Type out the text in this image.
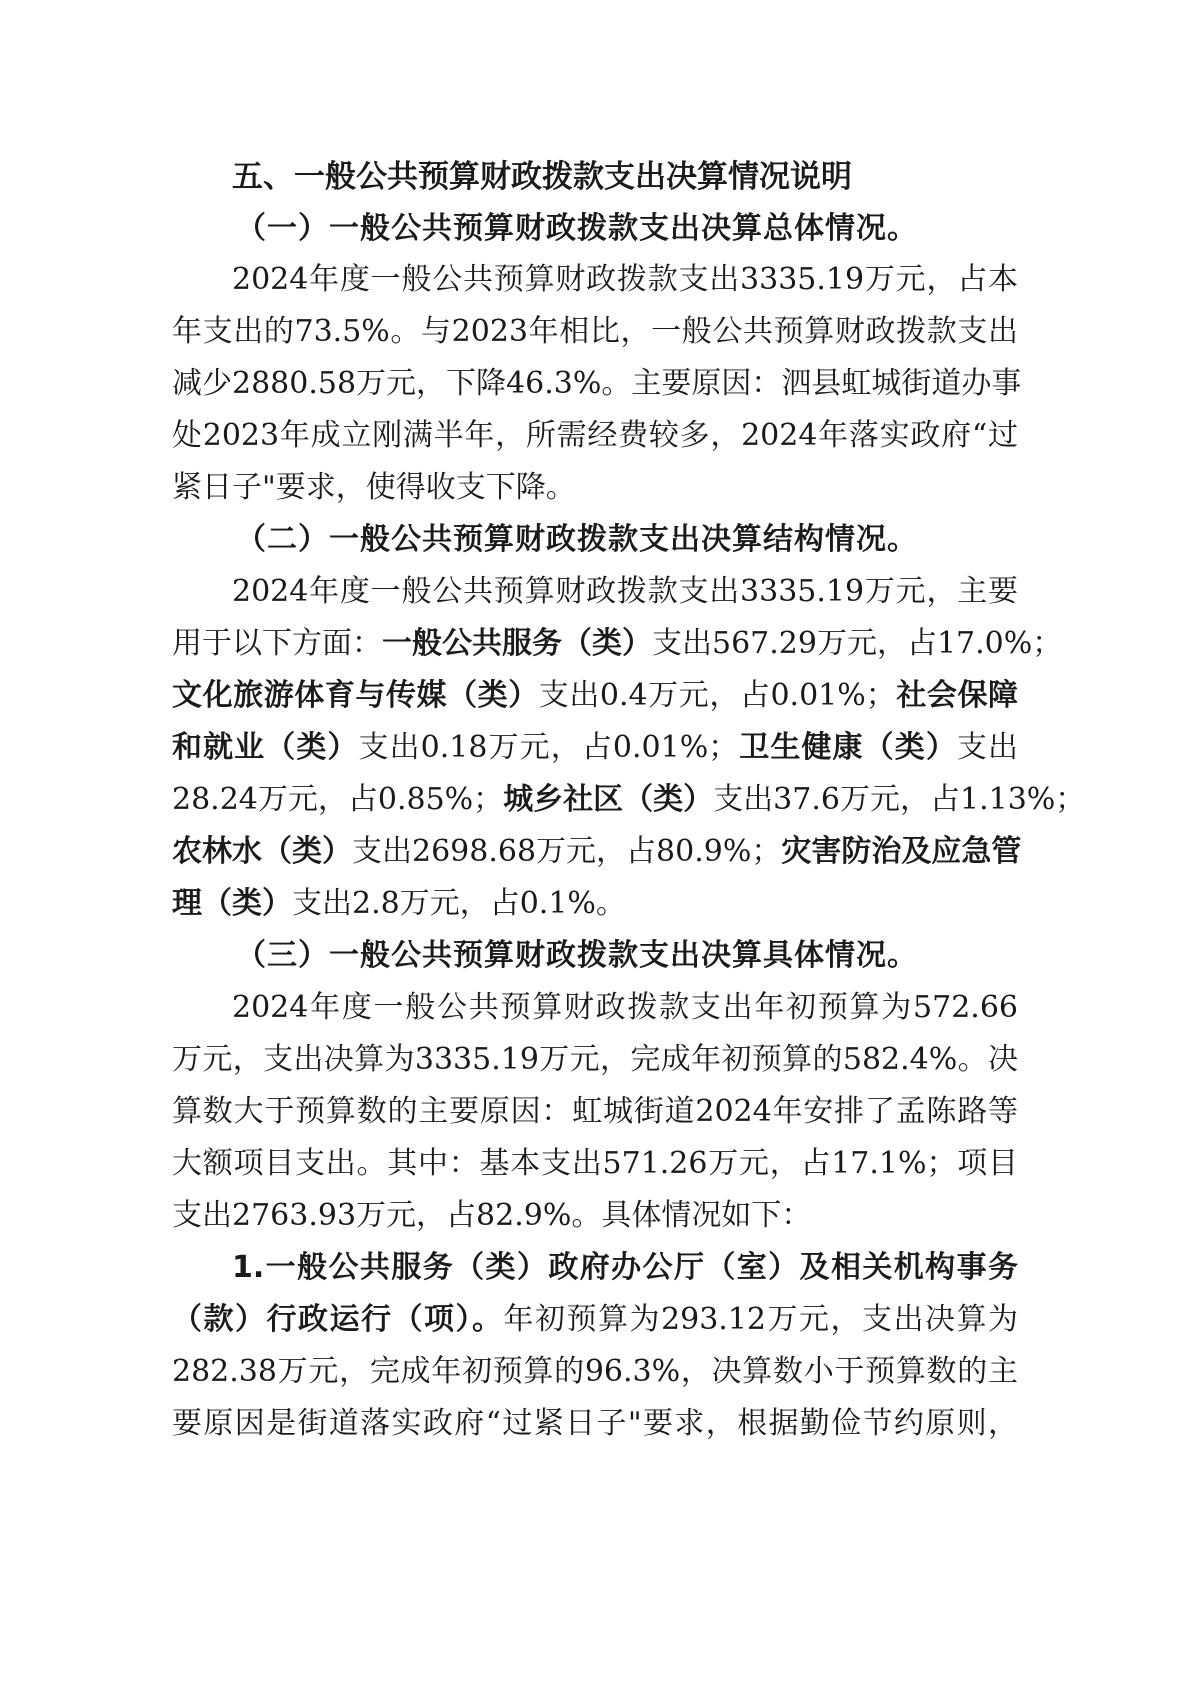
五、一般公共预算财政拨款支出决算情况说明
（一）一般公共预算财政拨款支出决算总体情况。
2024年度一般公共预算财政拨款支出3335.19万元，占本
年支出的73.5%。与2023年相比，一般公共预算财政拨款支出
减少2880.58万元，下降46.3%。主要原因：泗县虹城街道办事
处2023年成立刚满半年，所需经费较多，2024年落实政府“过
紧日子"要求，使得收支下降。
（二）一般公共预算财政拨款支出决算结构情况。
2024年度一般公共预算财政拨款支出3335.19万元，主要
用于以下方面：一般公共服务（类）支出567.29万元，占17.0%；
文化旅游体育与传媒（类）支出0.4万元，占0.01%；社会保障
和就业（类）支出0.18万元，占0.01%；卫生健康（类）支出
28.24万元，占0.85%；城乡社区（类）支出37.6万元，占1.13%；
农林水（类）支出2698.68万元，占80.9%；灾害防治及应急管
理（类）支出2.8万元，占0.1%。
（三）一般公共预算财政拨款支出决算具体情况。
2024年度一般公共预算财政拨款支出年初预算为572.66
万元，支出决算为3335.19万元，完成年初预算的582.4%。决
算数大于预算数的主要原因：虹城街道2024年安排了孟陈路等
大额项目支出。其中：基本支出571.26万元，占17.1%；项目
支出2763.93万元，占82.9%。具体情况如下：
1.一般公共服务（类）政府办公厅（室）及相关机构事务
（款）行政运行（项）。年初预算为293.12万元，支出决算为
282.38万元，完成年初预算的96.3%，决算数小于预算数的主
要原因是街道落实政府“过紧日子"要求，根据勤俭节约原则，
